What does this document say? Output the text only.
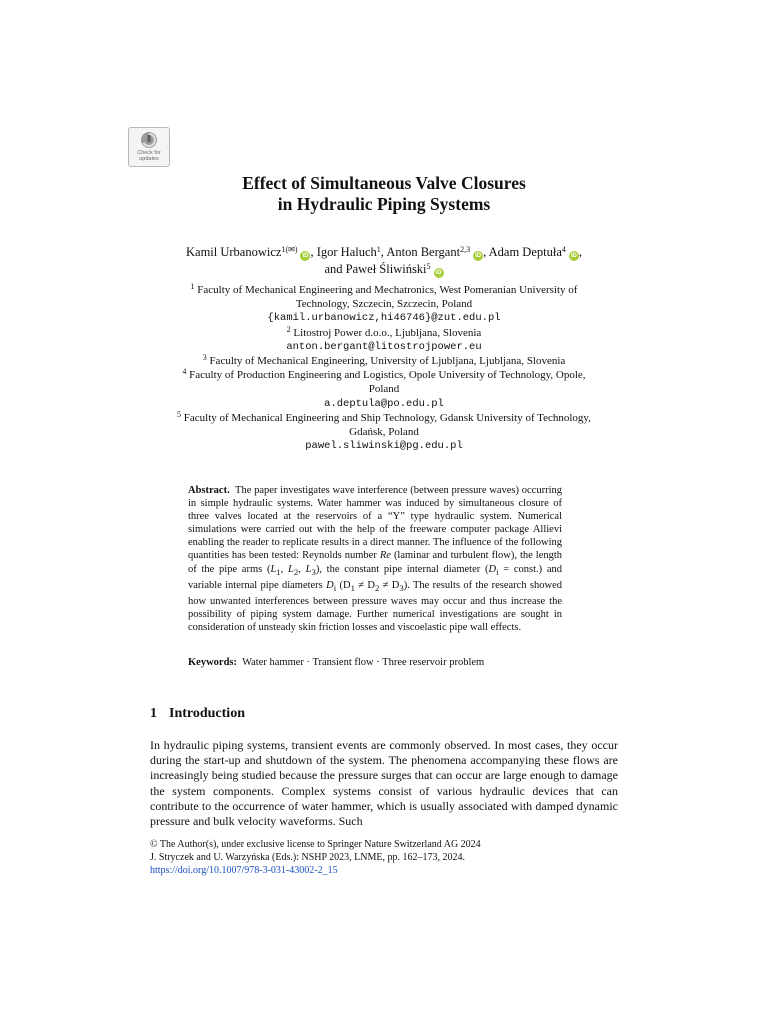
Check for
updates
Effect of Simultaneous Valve Closures
in Hydraulic Piping Systems
Kamil Urbanowicz$^{1(✉)}$iD , Igor Haluch$^1$, Anton Bergant$^{2,3}$iD , Adam Deptuła$^4$iD ,
and Paweł Śliwiński$^5$iD
$^1$ Faculty of Mechanical Engineering and Mechatronics, West Pomeranian University of
Technology, Szczecin, Szczecin, Poland
{kamil.urbanowicz,hi46746}@zut.edu.pl
$^2$ Litostroj Power d.o.o., Ljubljana, Slovenia
anton.bergant@litostrojpower.eu
$^3$ Faculty of Mechanical Engineering, University of Ljubljana, Ljubljana, Slovenia
$^4$ Faculty of Production Engineering and Logistics, Opole University of Technology, Opole,
Poland
a.deptula@po.edu.pl
$^5$ Faculty of Mechanical Engineering and Ship Technology, Gdansk University of Technology,
Gdańsk, Poland
pawel.sliwinski@pg.edu.pl
Abstract. The paper investigates wave interference (between pressure waves) occurring in simple hydraulic systems. Water hammer was induced by simultaneous closure of three valves located at the reservoirs of a “Y” type hydraulic system. Numerical simulations were carried out with the help of the freeware computer package Allievi enabling the reader to replicate results in a direct manner. The influence of the following quantities has been tested: Reynolds number Re (laminar and turbulent flow), the length of the pipe arms ($L_1$, $L_2$, $L_3$), the constant pipe internal diameter ($D_i$ = const.) and variable internal pipe diameters $D_i$ $(D_1 \ne D_2 \ne D_3)$. The results of the research showed how unwanted interferences between pressure waves may occur and thus increase the possibility of piping system damage. Further numerical investigations are sought in consideration of unsteady skin friction losses and viscoelastic pipe wall effects.
Keywords: Water hammer · Transient flow · Three reservoir problem
1 Introduction
In hydraulic piping systems, transient events are commonly observed. In most cases, they occur during the start-up and shutdown of the system. The phenomena accompanying these flows are increasingly being studied because the pressure surges that can occur are large enough to damage the system components. Complex systems consist of various hydraulic devices that can contribute to the occurrence of water hammer, which is usually associated with damped dynamic pressure and bulk velocity waveforms. Such
© The Author(s), under exclusive license to Springer Nature Switzerland AG 2024
J. Stryczek and U. Warzyńska (Eds.): NSHP 2023, LNME, pp. 162–173, 2024.
https://doi.org/10.1007/978-3-031-43002-2_15
